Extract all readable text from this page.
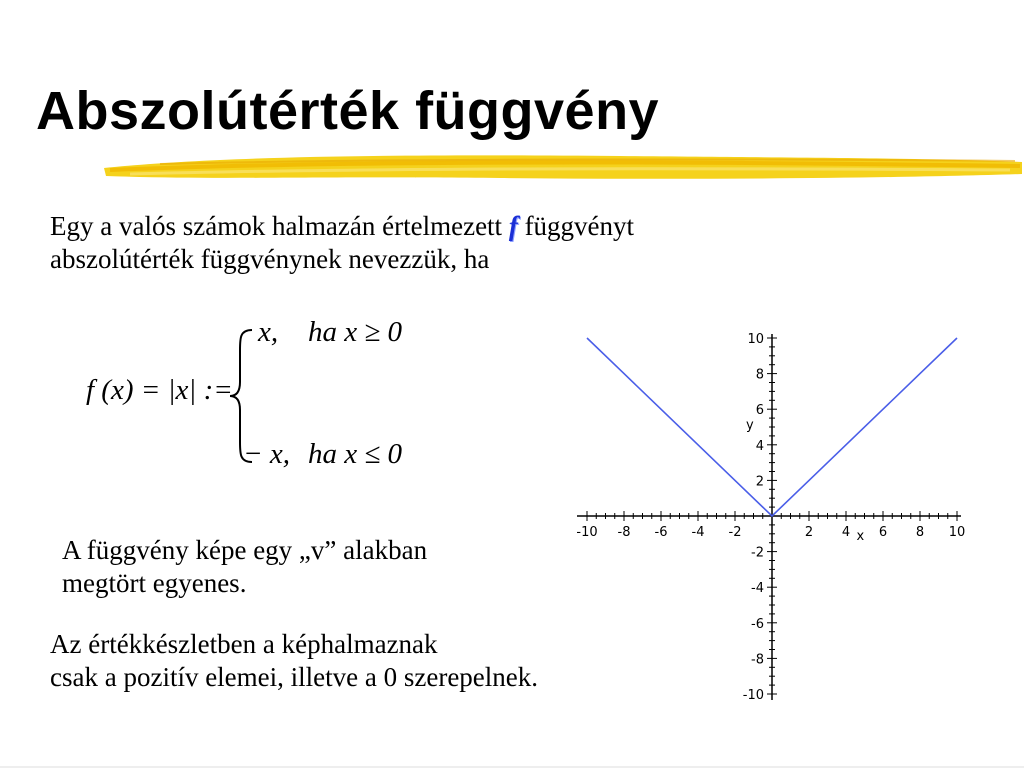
Abszolútérték függvény
Egy a valós számok halmazán értelmezett f függvényt
abszolútérték függvénynek nevezzük, ha
f (x) = |x| :=
x, ha x ≥ 0
− x, ha x ≤ 0
A függvény képe egy „v” alakban
megtört egyenes.
Az értékkészletben a képhalmaznak
csak a pozitív elemei, illetve a 0 szerepelnek.
-10 -8 -6 -4 -2	2 4 6 8 10
10
8
6
4
2
-2
-4
-6
-8
-10
x
y
